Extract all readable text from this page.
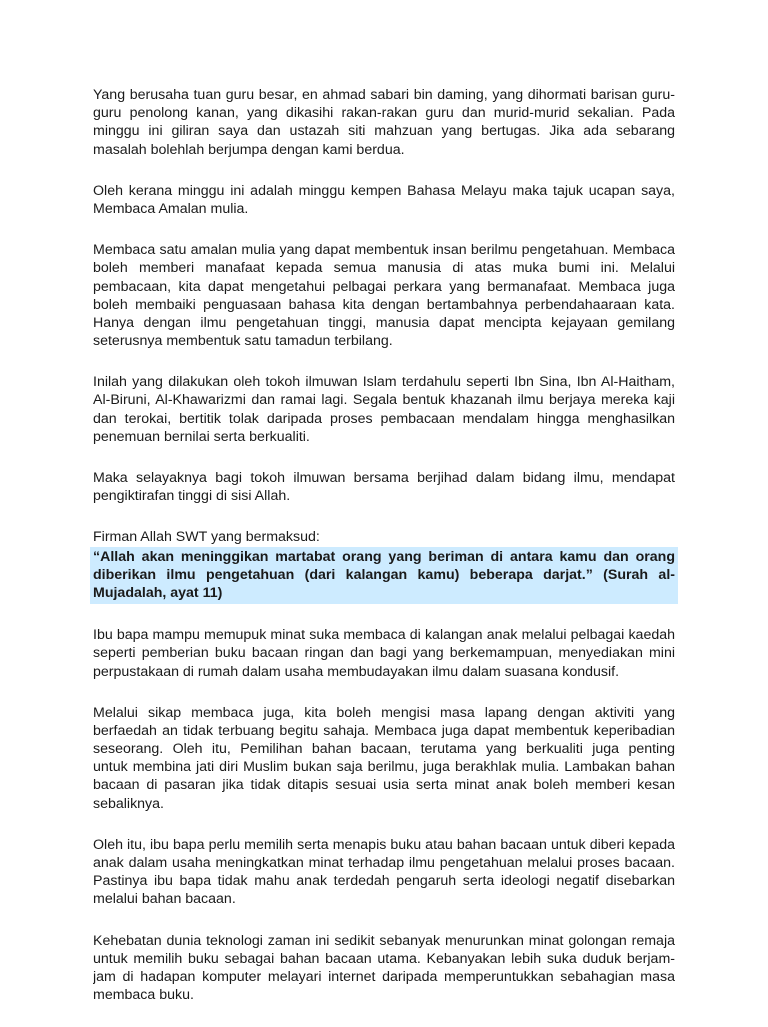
Yang berusaha tuan guru besar, en ahmad sabari bin daming, yang dihormati barisan guru-
guru penolong kanan, yang dikasihi rakan-rakan guru dan murid-murid sekalian. Pada
minggu ini giliran saya dan ustazah siti mahzuan yang bertugas. Jika ada sebarang
masalah bolehlah berjumpa dengan kami berdua.
Oleh kerana minggu ini adalah minggu kempen Bahasa Melayu maka tajuk ucapan saya,
Membaca Amalan mulia.
Membaca satu amalan mulia yang dapat membentuk insan berilmu pengetahuan. Membaca
boleh memberi manafaat kepada semua manusia di atas muka bumi ini. Melalui
pembacaan, kita dapat mengetahui pelbagai perkara yang bermanafaat. Membaca juga
boleh membaiki penguasaan bahasa kita dengan bertambahnya perbendahaaraan kata.
Hanya dengan ilmu pengetahuan tinggi, manusia dapat mencipta kejayaan gemilang
seterusnya membentuk satu tamadun terbilang.
Inilah yang dilakukan oleh tokoh ilmuwan Islam terdahulu seperti Ibn Sina, Ibn Al-Haitham,
Al-Biruni, Al-Khawarizmi dan ramai lagi. Segala bentuk khazanah ilmu berjaya mereka kaji
dan terokai, bertitik tolak daripada proses pembacaan mendalam hingga menghasilkan
penemuan bernilai serta berkualiti.
Maka selayaknya bagi tokoh ilmuwan bersama berjihad dalam bidang ilmu, mendapat
pengiktirafan tinggi di sisi Allah.
Firman Allah SWT yang bermaksud:
“Allah akan meninggikan martabat orang yang beriman di antara kamu dan orang
diberikan ilmu pengetahuan (dari kalangan kamu) beberapa darjat.” (Surah al-
Mujadalah, ayat 11)
Ibu bapa mampu memupuk minat suka membaca di kalangan anak melalui pelbagai kaedah
seperti pemberian buku bacaan ringan dan bagi yang berkemampuan, menyediakan mini
perpustakaan di rumah dalam usaha membudayakan ilmu dalam suasana kondusif.
Melalui sikap membaca juga, kita boleh mengisi masa lapang dengan aktiviti yang
berfaedah an tidak terbuang begitu sahaja. Membaca juga dapat membentuk keperibadian
seseorang. Oleh itu, Pemilihan bahan bacaan, terutama yang berkualiti juga penting
untuk membina jati diri Muslim bukan saja berilmu, juga berakhlak mulia. Lambakan bahan
bacaan di pasaran jika tidak ditapis sesuai usia serta minat anak boleh memberi kesan
sebaliknya.
Oleh itu, ibu bapa perlu memilih serta menapis buku atau bahan bacaan untuk diberi kepada
anak dalam usaha meningkatkan minat terhadap ilmu pengetahuan melalui proses bacaan.
Pastinya ibu bapa tidak mahu anak terdedah pengaruh serta ideologi negatif disebarkan
melalui bahan bacaan.
Kehebatan dunia teknologi zaman ini sedikit sebanyak menurunkan minat golongan remaja
untuk memilih buku sebagai bahan bacaan utama. Kebanyakan lebih suka duduk berjam-
jam di hadapan komputer melayari internet daripada memperuntukkan sebahagian masa
membaca buku.
